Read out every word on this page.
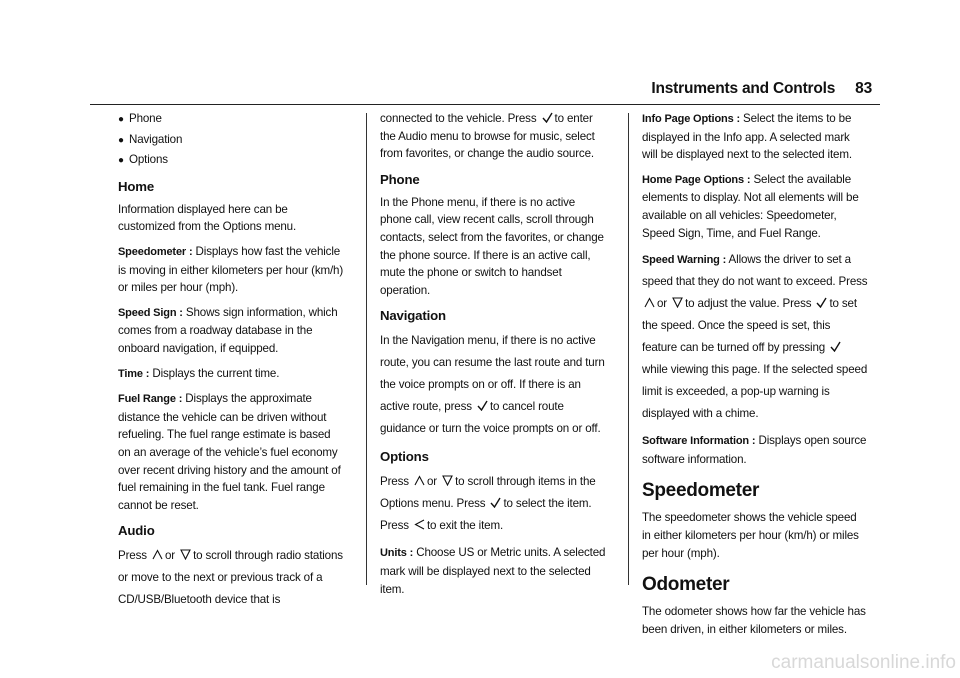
Instruments and Controls 83
● Phone
● Navigation
● Options
Home

Information displayed here can be customized from the Options menu.

Speedometer : Displays how fast the vehicle is moving in either kilometers per hour (km/h) or miles per hour (mph).

Speed Sign : Shows sign information, which comes from a roadway database in the onboard navigation, if equipped.

Time : Displays the current time.

Fuel Range : Displays the approximate distance the vehicle can be driven without refueling. The fuel range estimate is based on an average of the vehicle’s fuel economy over recent driving history and the amount of fuel remaining in the fuel tank. Fuel range cannot be reset.

Audio

Press or to scroll through radio stations or move to the next or previous track of a CD/USB/Bluetooth device that is

connected to the vehicle. Press to enter the Audio menu to browse for music, select from favorites, or change the audio source.

Phone

In the Phone menu, if there is no active phone call, view recent calls, scroll through contacts, select from the favorites, or change the phone source. If there is an active call, mute the phone or switch to handset operation.

Navigation

In the Navigation menu, if there is no active route, you can resume the last route and turn the voice prompts on or off. If there is an active route, press to cancel route guidance or turn the voice prompts on or off.

Options

Press or to scroll through items in the Options menu. Press to select the item. Press to exit the item.

Units : Choose US or Metric units. A selected mark will be displayed next to the selected item.

Info Page Options : Select the items to be displayed in the Info app. A selected mark will be displayed next to the selected item.

Home Page Options : Select the available elements to display. Not all elements will be available on all vehicles: Speedometer, Speed Sign, Time, and Fuel Range.

Speed Warning : Allows the driver to set a speed that they do not want to exceed. Press
or to adjust the value. Press to set the speed. Once the speed is set, this feature can be turned off by pressing
while viewing this page. If the selected speed limit is exceeded, a pop-up warning is displayed with a chime.

Software Information : Displays open source software information.

Speedometer

The speedometer shows the vehicle speed in either kilometers per hour (km/h) or miles per hour (mph).

Odometer

The odometer shows how far the vehicle has been driven, in either kilometers or miles.

carmanualsonline.info
